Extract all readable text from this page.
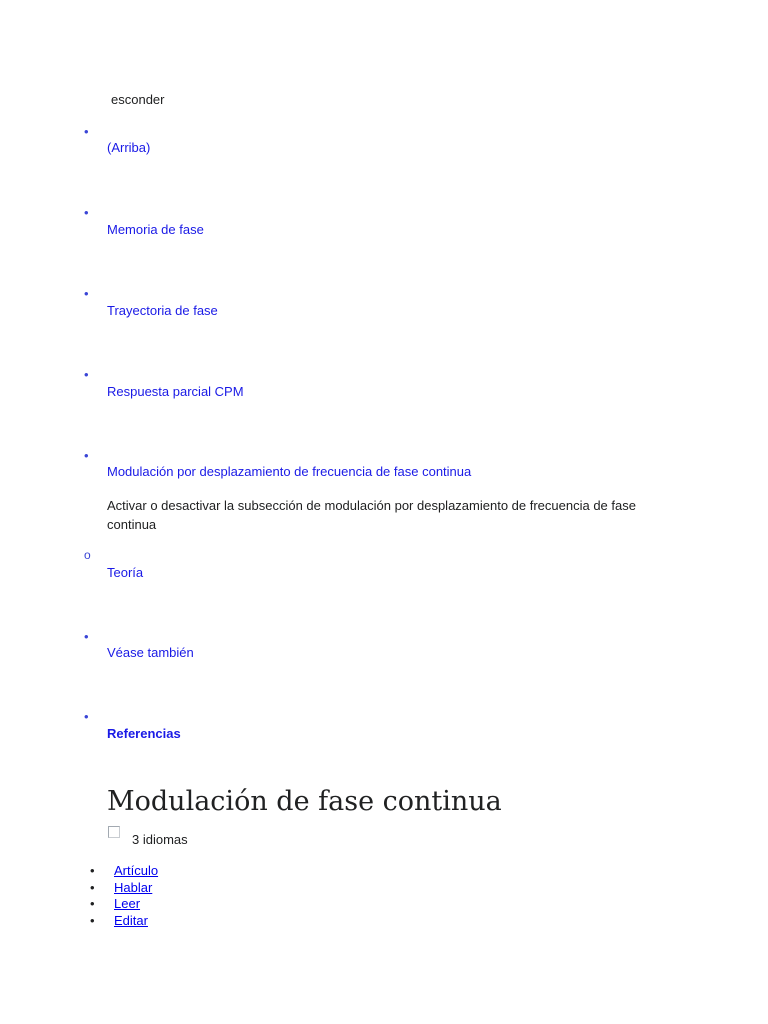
esconder
•
(Arriba)
•
Memoria de fase
•
Trayectoria de fase
•
Respuesta parcial CPM
•
Modulación por desplazamiento de frecuencia de fase continua
Activar o desactivar la subsección de modulación por desplazamiento de frecuencia de fase continua
o
Teoría
•
Véase también
•
Referencias
Modulación de fase continua
3 idiomas
• Artículo
• Hablar
• Leer
• Editar
